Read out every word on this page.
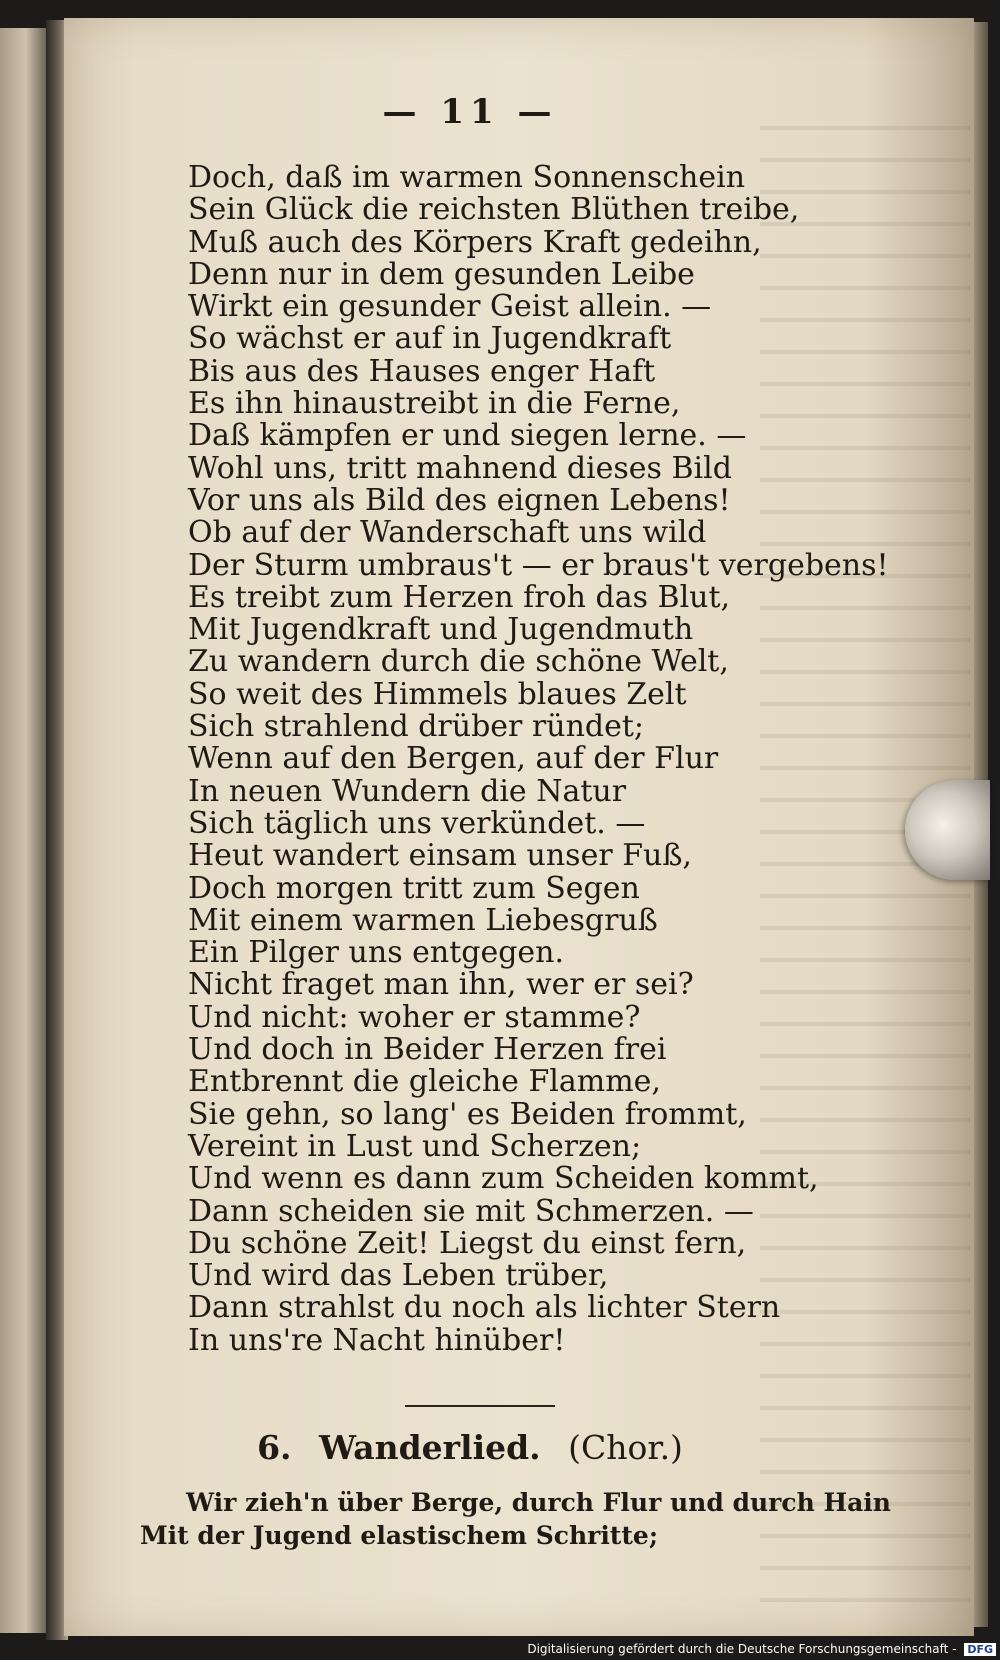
— 11 —
Doch, daß im warmen Sonnenschein
Sein Glück die reichsten Blüthen treibe,
Muß auch des Körpers Kraft gedeihn,
Denn nur in dem gesunden Leibe
Wirkt ein gesunder Geist allein. —
So wächst er auf in Jugendkraft
Bis aus des Hauses enger Haft
Es ihn hinaustreibt in die Ferne,
Daß kämpfen er und siegen lerne. —
Wohl uns, tritt mahnend dieses Bild
Vor uns als Bild des eignen Lebens!
Ob auf der Wanderschaft uns wild
Der Sturm umbraus't — er braus't vergebens!
Es treibt zum Herzen froh das Blut,
Mit Jugendkraft und Jugendmuth
Zu wandern durch die schöne Welt,
So weit des Himmels blaues Zelt
Sich strahlend drüber ründet;
Wenn auf den Bergen, auf der Flur
In neuen Wundern die Natur
Sich täglich uns verkündet. —
Heut wandert einsam unser Fuß,
Doch morgen tritt zum Segen
Mit einem warmen Liebesgruß
Ein Pilger uns entgegen.
Nicht fraget man ihn, wer er sei?
Und nicht: woher er stamme?
Und doch in Beider Herzen frei
Entbrennt die gleiche Flamme,
Sie gehn, so lang' es Beiden frommt,
Vereint in Lust und Scherzen;
Und wenn es dann zum Scheiden kommt,
Dann scheiden sie mit Schmerzen. —
Du schöne Zeit! Liegst du einst fern,
Und wird das Leben trüber,
Dann strahlst du noch als lichter Stern
In uns're Nacht hinüber!
6. Wanderlied. (Chor.)
Wir zieh'n über Berge, durch Flur und durch Hain
Mit der Jugend elastischem Schritte;
Digitalisierung gefördert durch die Deutsche Forschungsgemeinschaft - DFG
